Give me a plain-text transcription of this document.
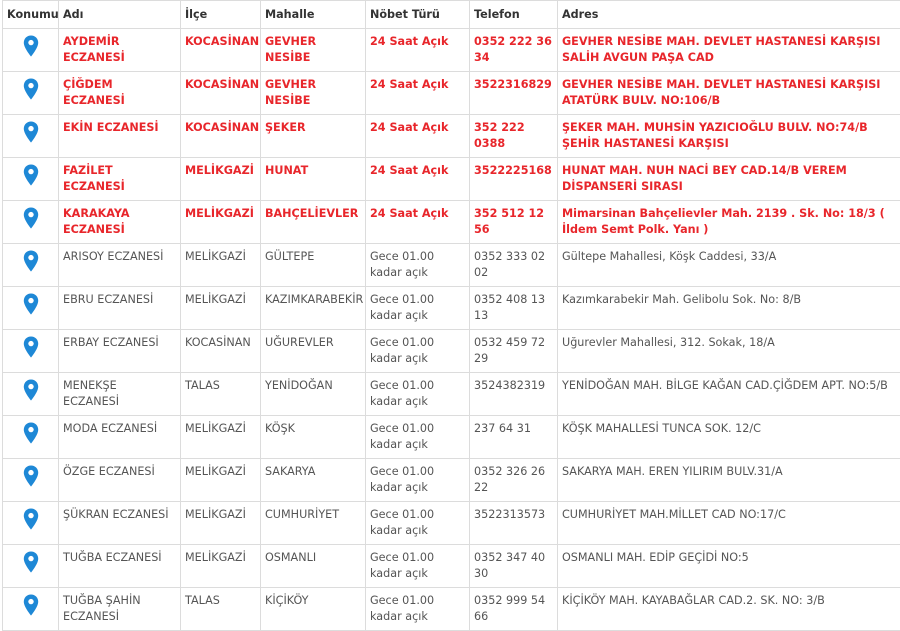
Konumu	Adı	İlçe	Mahalle	Nöbet Türü	Telefon	Adres
	AYDEMİR ECZANESİ	KOCASİNAN	GEVHER NESİBE	24 Saat Açık	0352 222 36 34	GEVHER NESİBE MAH. DEVLET HASTANESİ KARŞISI SALİH AVGUN PAŞA CAD
	ÇİĞDEM ECZANESİ	KOCASİNAN	GEVHER NESİBE	24 Saat Açık	3522316829	GEVHER NESİBE MAH. DEVLET HASTANESİ KARŞISI ATATÜRK BULV. NO:106/B
	EKİN ECZANESİ	KOCASİNAN	ŞEKER	24 Saat Açık	352 222 0388	ŞEKER MAH. MUHSİN YAZICIOĞLU BULV. NO:74/B ŞEHİR HASTANESİ KARŞISI
	FAZİLET ECZANESİ	MELİKGAZİ	HUNAT	24 Saat Açık	3522225168	HUNAT MAH. NUH NACİ BEY CAD.14/B VEREM DİSPANSERİ SIRASI
	KARAKAYA ECZANESİ	MELİKGAZİ	BAHÇELİEVLER	24 Saat Açık	352 512 12 56	Mimarsinan Bahçelievler Mah. 2139 . Sk. No: 18/3 ( İldem Semt Polk. Yanı )
	ARISOY ECZANESİ	MELİKGAZİ	GÜLTEPE	Gece 01.00 kadar açık	0352 333 02 02	Gültepe Mahallesi, Köşk Caddesi, 33/A
	EBRU ECZANESİ	MELİKGAZİ	KAZIMKARABEKİR	Gece 01.00 kadar açık	0352 408 13 13	Kazımkarabekir Mah. Gelibolu Sok. No: 8/B
	ERBAY ECZANESİ	KOCASİNAN	UĞUREVLER	Gece 01.00 kadar açık	0532 459 72 29	Uğurevler Mahallesi, 312. Sokak, 18/A
	MENEKŞE ECZANESİ	TALAS	YENİDOĞAN	Gece 01.00 kadar açık	3524382319	YENİDOĞAN MAH. BİLGE KAĞAN CAD.ÇİĞDEM APT. NO:5/B
	MODA ECZANESİ	MELİKGAZİ	KÖŞK	Gece 01.00 kadar açık	237 64 31	KÖŞK MAHALLESİ TUNCA SOK. 12/C
	ÖZGE ECZANESİ	MELİKGAZİ	SAKARYA	Gece 01.00 kadar açık	0352 326 26 22	SAKARYA MAH. EREN YILIRIM BULV.31/A
	ŞÜKRAN ECZANESİ	MELİKGAZİ	CUMHURİYET	Gece 01.00 kadar açık	3522313573	CUMHURİYET MAH.MİLLET CAD NO:17/C
	TUĞBA ECZANESİ	MELİKGAZİ	OSMANLI	Gece 01.00 kadar açık	0352 347 40 30	OSMANLI MAH. EDİP GEÇİDİ NO:5
	TUĞBA ŞAHİN ECZANESİ	TALAS	KİÇİKÖY	Gece 01.00 kadar açık	0352 999 54 66	KİÇİKÖY MAH. KAYABAĞLAR CAD.2. SK. NO: 3/B
